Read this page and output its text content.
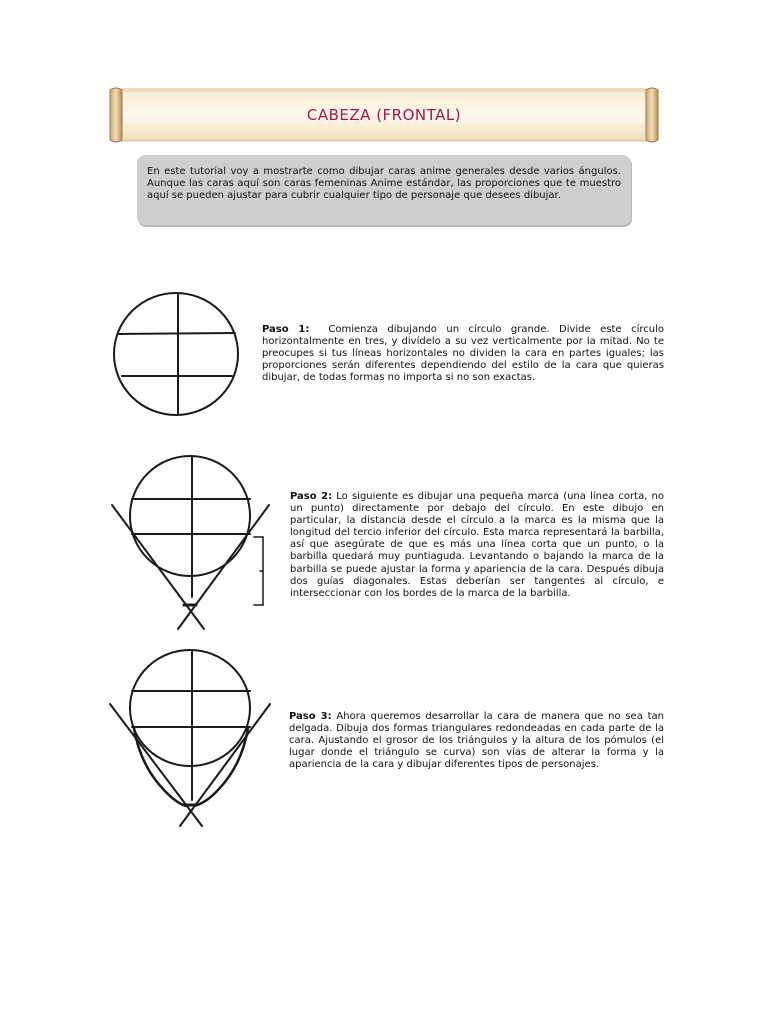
CABEZA (FRONTAL)

En este tutorial voy a mostrarte como dibujar caras anime generales desde varios ángulos. Aunque las caras aquí son caras femeninas Anime estándar, las proporciones que te muestro aquí se pueden ajustar para cubrir cualquier tipo de personaje que desees dibujar.

Paso 1: Comienza dibujando un círculo grande. Divide este círculo horizontalmente en tres, y divídelo a su vez verticalmente por la mitad. No te preocupes si tus líneas horizontales no dividen la cara en partes iguales; las proporciones serán diferentes dependiendo del estilo de la cara que quieras dibujar, de todas formas no importa si no son exactas.
Paso 2: Lo siguiente es dibujar una pequeña marca (una línea corta, no un punto) directamente por debajo del círculo. En este dibujo en particular, la distancia desde el círculo a la marca es la misma que la longitud del tercio inferior del círculo. Esta marca representará la barbilla, así que asegúrate de que es más una línea corta que un punto, o la barbilla quedará muy puntiaguda. Levantando o bajando la marca de la barbilla se puede ajustar la forma y apariencia de la cara. Después dibuja dos guías diagonales. Estas deberían ser tangentes al círculo, e interseccionar con los bordes de la marca de la barbilla.
Paso 3: Ahora queremos desarrollar la cara de manera que no sea tan delgada. Dibuja dos formas triangulares redondeadas en cada parte de la cara. Ajustando el grosor de los triángulos y la altura de los pómulos (el lugar donde el triángulo se curva) son vías de alterar la forma y la apariencia de la cara y dibujar diferentes tipos de personajes.
